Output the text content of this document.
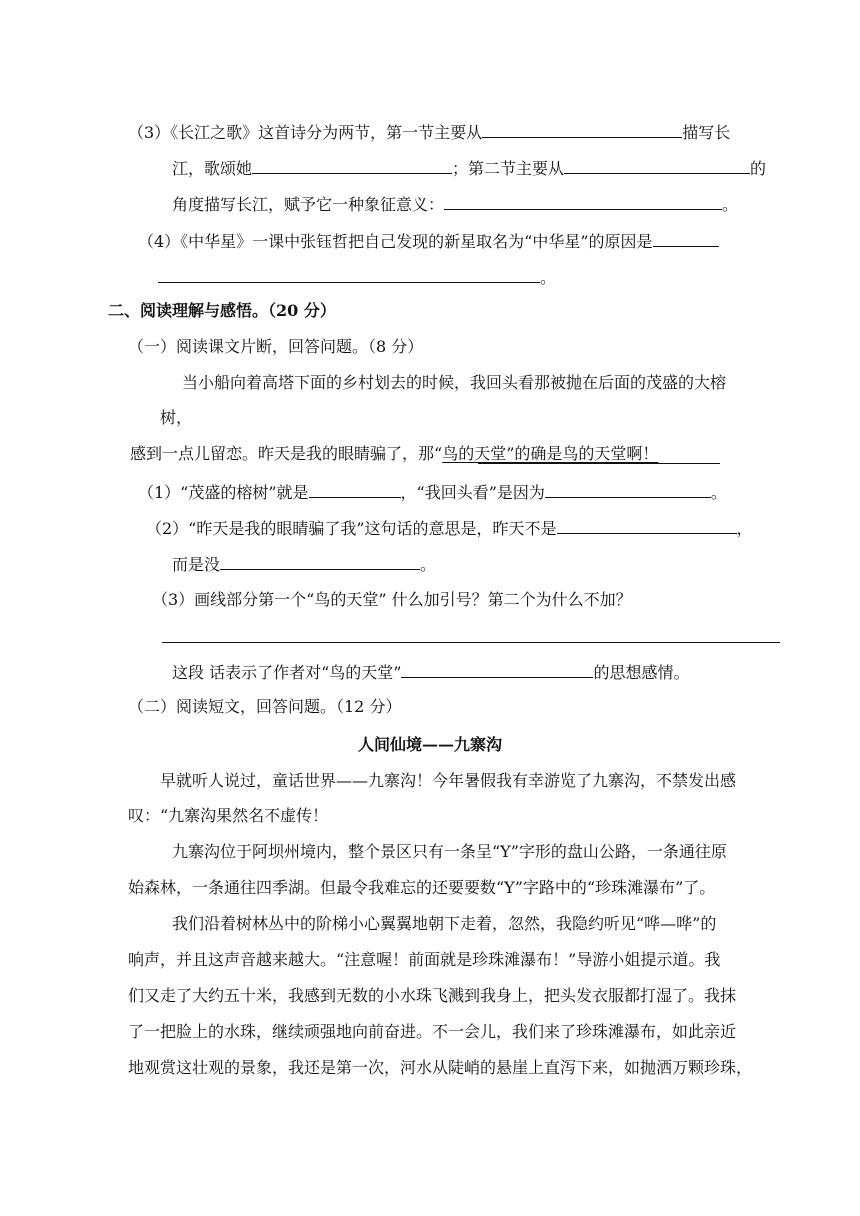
（3）《长江之歌》这首诗分为两节，第一节主要从	描写长
江，歌颂她	；第二节主要从	的
角度描写长江，赋予它一种象征意义：	。
（4）《中华星》一课中张钰哲把自己发现的新星取名为“中华星”的原因是
。
二、阅读理解与感悟。（20 分）
（一）阅读课文片断，回答问题。（8 分）
当小船向着高塔下面的乡村划去的时候，我回头看那被抛在后面的茂盛的大榕
树，
感到一点儿留恋。昨天是我的眼睛骗了，那“鸟的天堂”的确是鸟的天堂啊！
（1）“茂盛的榕树”就是	，“我回头看”是因为	。
（2）“昨天是我的眼睛骗了我”这句话的意思是，昨天不是	，
而是没	。
（3）画线部分第一个“鸟的天堂” 什么加引号？第二个为什么不加？
这段 话表示了作者对“鸟的天堂”	的思想感情。
（二）阅读短文，回答问题。（12 分）
人间仙境——九寨沟
早就听人说过，童话世界——九寨沟！今年暑假我有幸游览了九寨沟，不禁发出感
叹：“九寨沟果然名不虚传！
九寨沟位于阿坝州境内，整个景区只有一条呈“Y”字形的盘山公路，一条通往原
始森林，一条通往四季湖。但最令我难忘的还要要数“Y”字路中的“珍珠滩瀑布”了。
我们沿着树林丛中的阶梯小心翼翼地朝下走着，忽然，我隐约听见“哗—哗”的
响声，并且这声音越来越大。“注意喔！前面就是珍珠滩瀑布！”导游小姐提示道。我
们又走了大约五十米，我感到无数的小水珠飞溅到我身上，把头发衣服都打湿了。我抹
了一把脸上的水珠，继续顽强地向前奋进。不一会儿，我们来了珍珠滩瀑布，如此亲近
地观赏这壮观的景象，我还是第一次，河水从陡峭的悬崖上直泻下来，如抛洒万颗珍珠，
